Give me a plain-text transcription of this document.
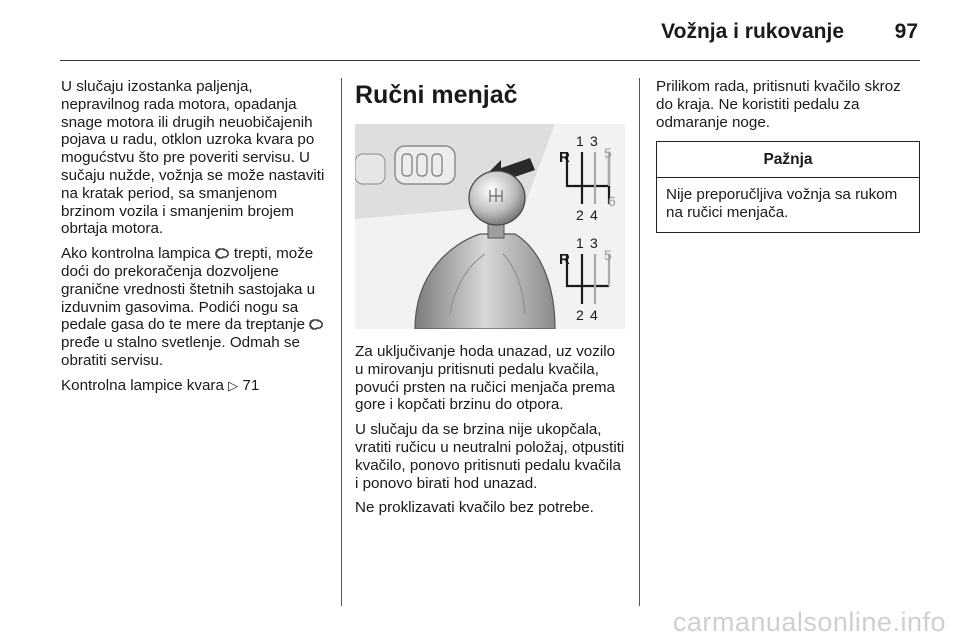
Vožnja i rukovanje 97

U slučaju izostanka paljenja, nepravilnog rada motora, opadanja snage motora ili drugih neuobičajenih pojava u radu, otklon uzroka kvara po mogućstvu što pre poveriti servisu. U sučaju nužde, vožnja se može nastaviti na kratak period, sa smanjenom brzinom vozila i smanjenim brojem obrtaja motora.

Ako kontrolna lampica trepti, može doći do prekoračenja dozvoljene granične vrednosti štetnih sastojaka u izduvnim gasovima. Podići nogu sa pedale gasa do te mere da treptanje  pređe u stalno svetlenje. Odmah se obratiti servisu.

Kontrolna lampice kvara ▷ 71

Ručni menjač
R
1 3
5
2 4
6
R
1 3
5
2 4

Za uključivanje hoda unazad, uz vozilo u mirovanju pritisnuti pedalu kvačila, povući prsten na ručici menjača prema gore i kopčati brzinu do otpora.

U slučaju da se brzina nije ukopčala, vratiti ručicu u neutralni položaj, otpustiti kvačilo, ponovo pritisnuti pedalu kvačila i ponovo birati hod unazad.

Ne proklizavati kvačilo bez potrebe.

Prilikom rada, pritisnuti kvačilo skroz do kraja. Ne koristiti pedalu za odmaranje noge.

Pažnja
Nije preporučljiva vožnja sa rukom na ručici menjača.
carmanualsonline.info
